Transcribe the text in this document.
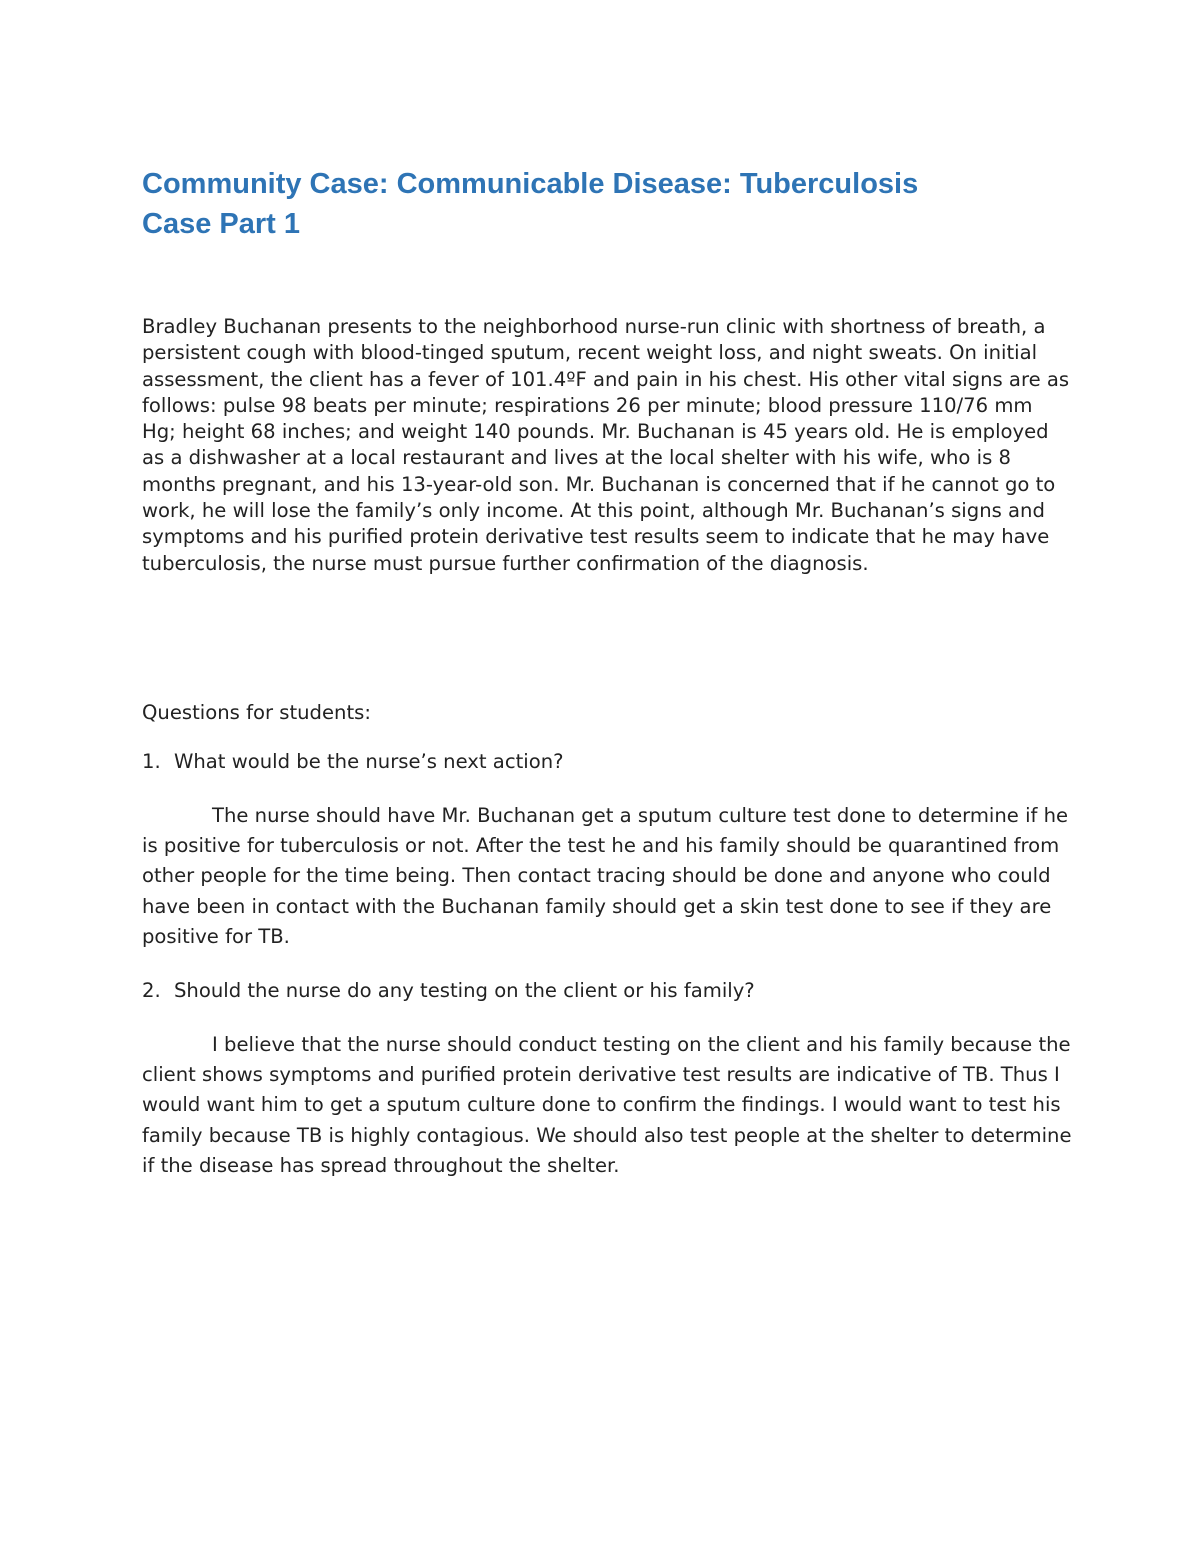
Community Case: Communicable Disease: Tuberculosis
Case Part 1

Bradley Buchanan presents to the neighborhood nurse-run clinic with shortness of breath, a persistent cough with blood-tinged sputum, recent weight loss, and night sweats. On initial assessment, the client has a fever of 101.4ºF and pain in his chest. His other vital signs are as follows: pulse 98 beats per minute; respirations 26 per minute; blood pressure 110/76 mm Hg; height 68 inches; and weight 140 pounds. Mr. Buchanan is 45 years old. He is employed as a dishwasher at a local restaurant and lives at the local shelter with his wife, who is 8 months pregnant, and his 13-year-old son. Mr. Buchanan is concerned that if he cannot go to work, he will lose the family’s only income. At this point, although Mr. Buchanan’s signs and symptoms and his purified protein derivative test results seem to indicate that he may have tuberculosis, the nurse must pursue further confirmation of the diagnosis.

Questions for students:

1. What would be the nurse’s next action?

The nurse should have Mr. Buchanan get a sputum culture test done to determine if he is positive for tuberculosis or not. After the test he and his family should be quarantined from other people for the time being. Then contact tracing should be done and anyone who could have been in contact with the Buchanan family should get a skin test done to see if they are positive for TB.

2. Should the nurse do any testing on the client or his family?

I believe that the nurse should conduct testing on the client and his family because the client shows symptoms and purified protein derivative test results are indicative of TB. Thus I would want him to get a sputum culture done to confirm the findings. I would want to test his family because TB is highly contagious. We should also test people at the shelter to determine if the disease has spread throughout the shelter.
